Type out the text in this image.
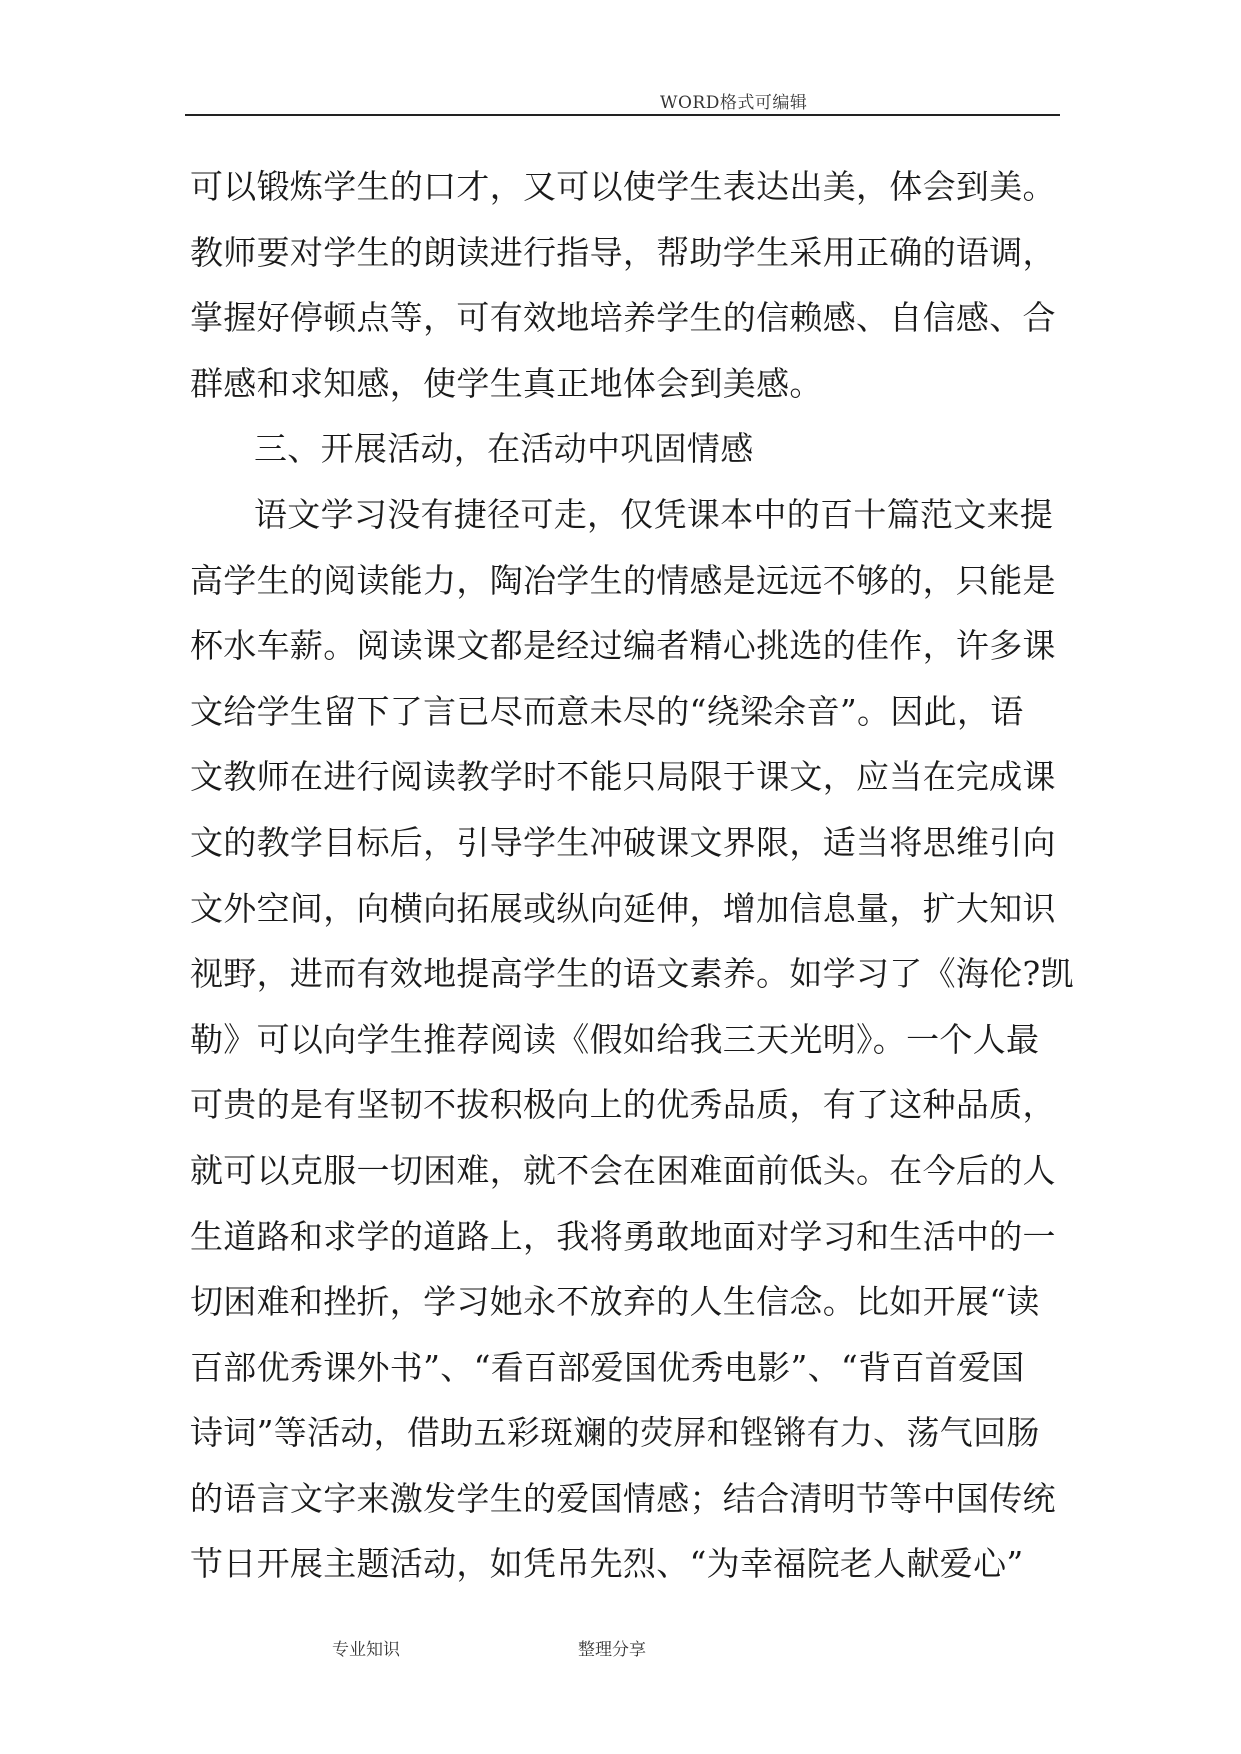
WORD格式可编辑
可以锻炼学生的口才，又可以使学生表达出美，体会到美。
教师要对学生的朗读进行指导，帮助学生采用正确的语调，
掌握好停顿点等，可有效地培养学生的信赖感、自信感、合
群感和求知感，使学生真正地体会到美感。
三、开展活动，在活动中巩固情感
语文学习没有捷径可走，仅凭课本中的百十篇范文来提
高学生的阅读能力，陶冶学生的情感是远远不够的，只能是
杯水车薪。阅读课文都是经过编者精心挑选的佳作，许多课
文给学生留下了言已尽而意未尽的“绕梁余音”。因此，语
文教师在进行阅读教学时不能只局限于课文，应当在完成课
文的教学目标后，引导学生冲破课文界限，适当将思维引向
文外空间，向横向拓展或纵向延伸，增加信息量，扩大知识
视野，进而有效地提高学生的语文素养。如学习了《海伦?凯
勒》可以向学生推荐阅读《假如给我三天光明》。一个人最
可贵的是有坚韧不拔积极向上的优秀品质，有了这种品质，
就可以克服一切困难，就不会在困难面前低头。在今后的人
生道路和求学的道路上，我将勇敢地面对学习和生活中的一
切困难和挫折，学习她永不放弃的人生信念。比如开展“读
百部优秀课外书”、“看百部爱国优秀电影”、“背百首爱国
诗词”等活动，借助五彩斑斓的荧屏和铿锵有力、荡气回肠
的语言文字来激发学生的爱国情感；结合清明节等中国传统
节日开展主题活动，如凭吊先烈、“为幸福院老人献爱心”
专业知识	整理分享
